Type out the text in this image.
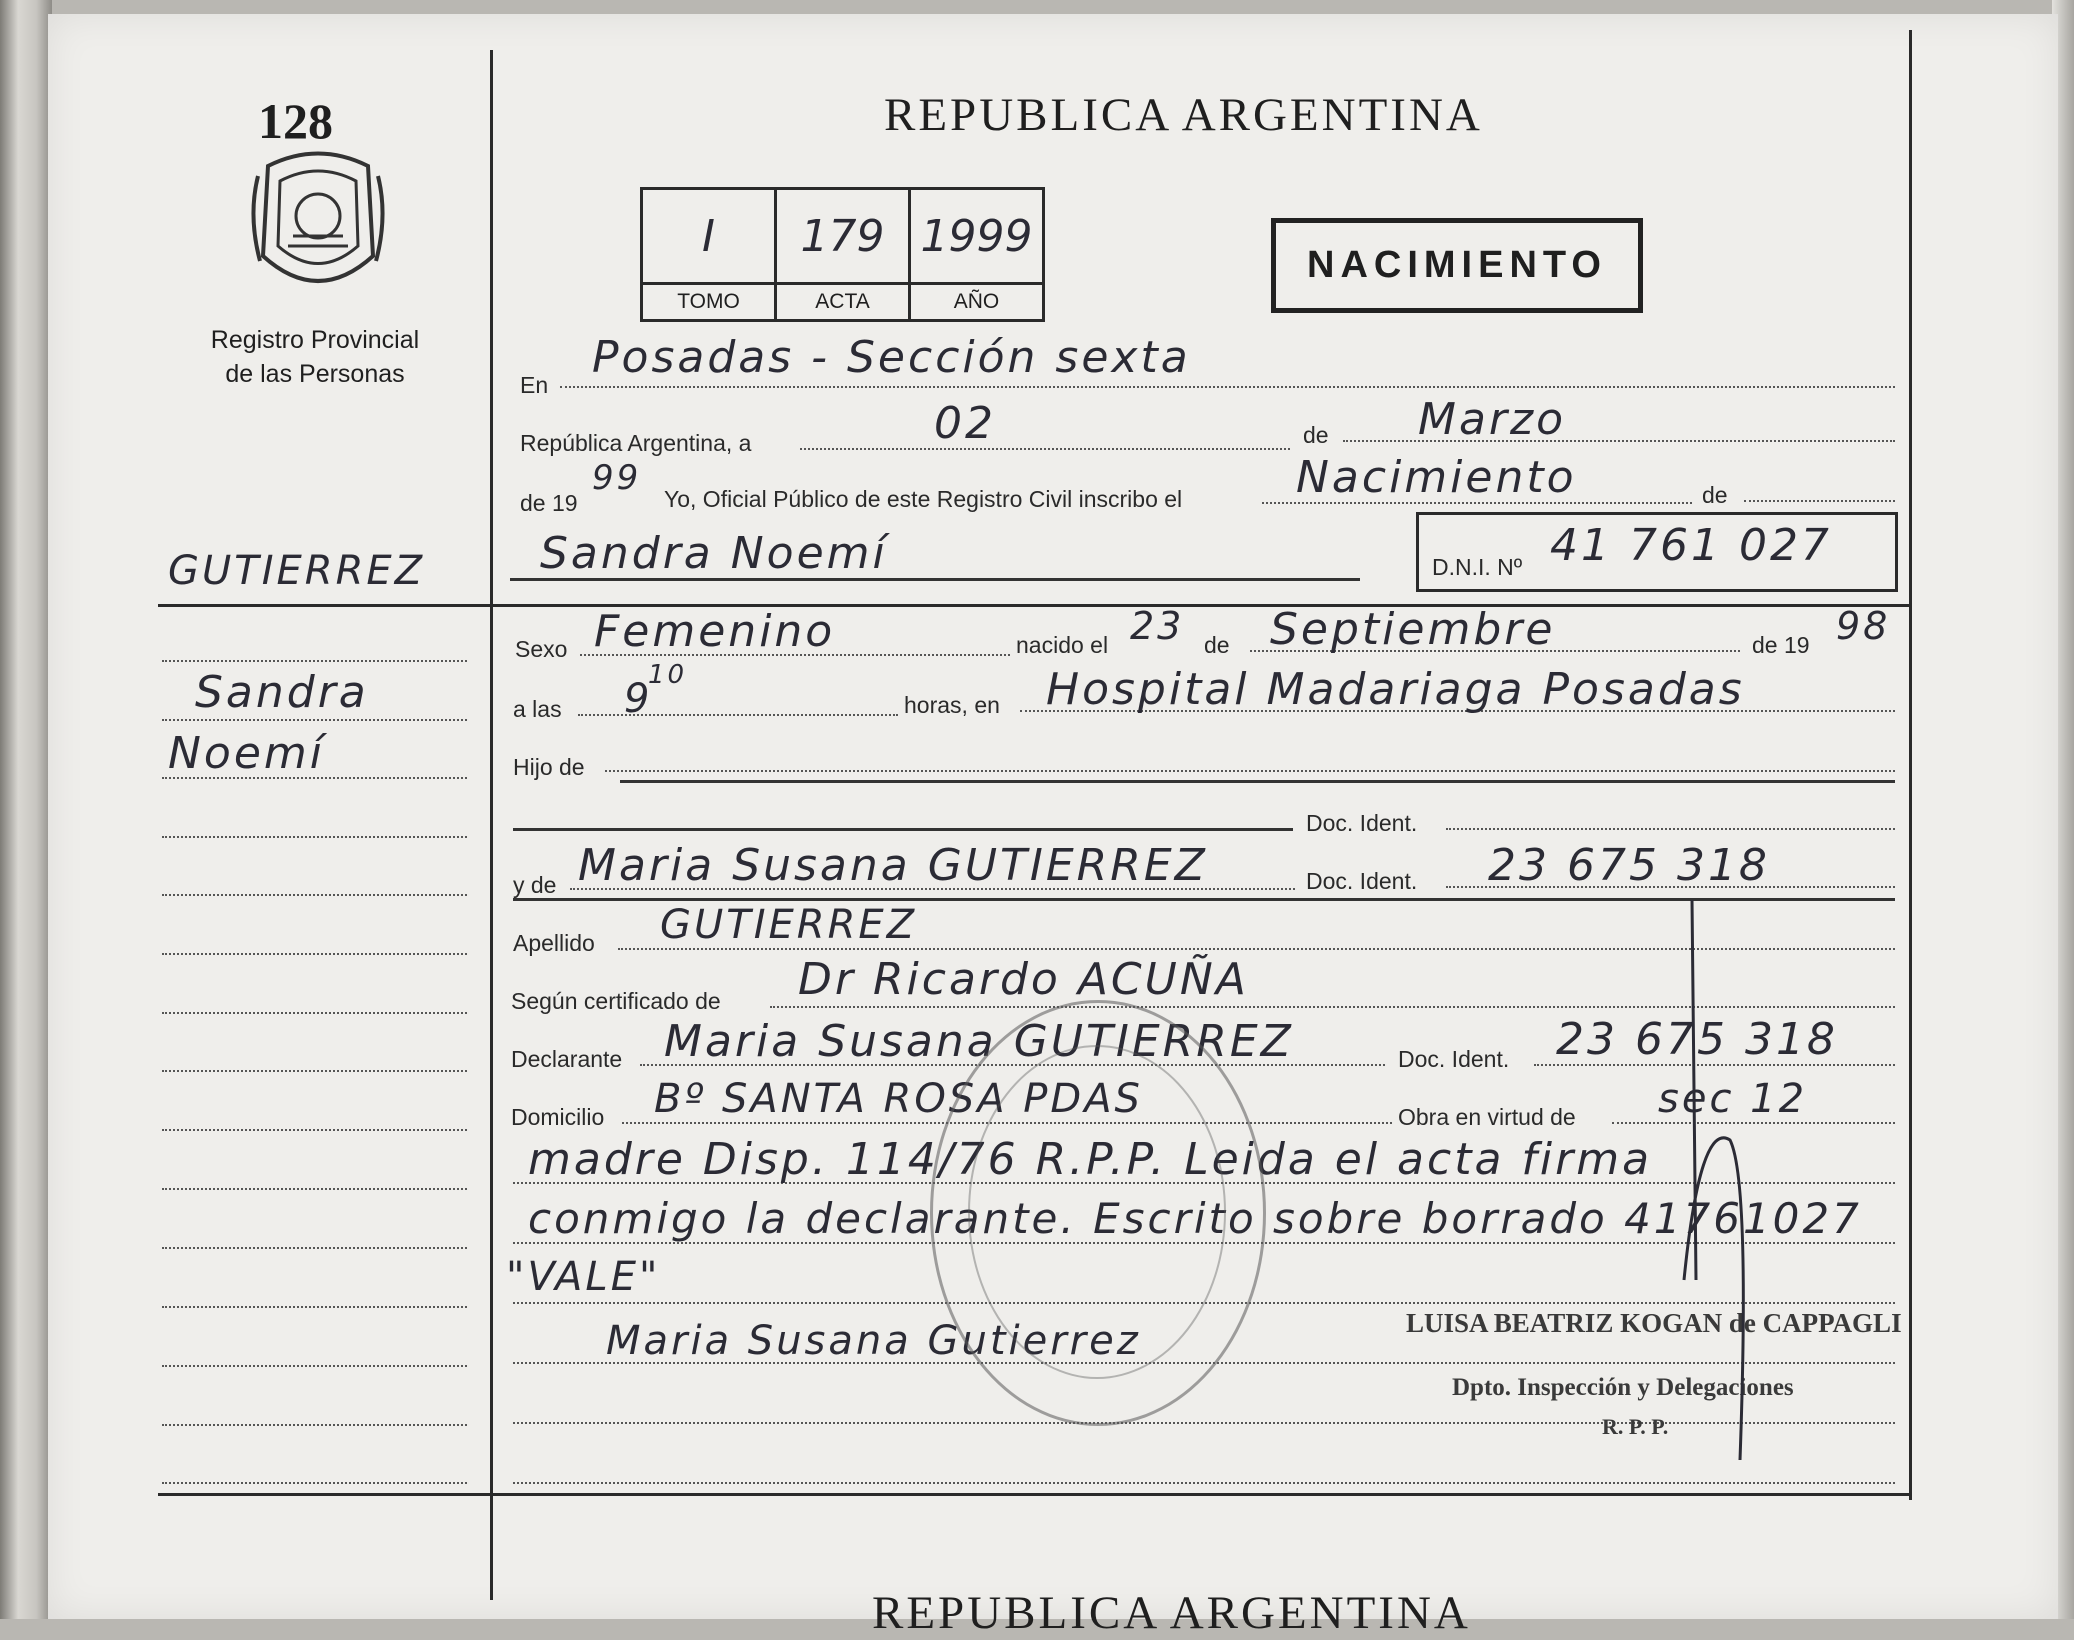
128
Registro Provincial
de las Personas
REPUBLICA ARGENTINA
I	179	1999
TOMO	ACTA	AÑO
NACIMIENTO
GUTIERREZ
Sandra
Noemí
En
Posadas - Sección sexta
República Argentina, a	02	de Marzo
de 19
99
Yo, Oficial Público de este Registro Civil inscribo el	Nacimiento	de
Sandra Noemí	D.N.I. Nº 41 761 027
Sexo Femenino	nacido el 23 de Septiembre	de 19 98
a las 9
10
horas, en Hospital Madariaga Posadas
Hijo de
Doc. Ident.
y de Maria Susana GUTIERREZ	Doc. Ident. 23 675 318
Apellido GUTIERREZ
Según certificado de Dr Ricardo ACUÑA
Declarante Maria Susana GUTIERREZ	Doc. Ident. 23 675 318
Domicilio Bº SANTA ROSA PDAS	Obra en virtud de sec 12
madre Disp. 114/76 R.P.P. Leida el acta firma
conmigo la declarante. Escrito sobre borrado 41761027
"VALE"
Maria Susana Gutierrez	LUISA BEATRIZ KOGAN de CAPPAGLI
Dpto. Inspección y Delegaciones
R. P. P.
REPUBLICA ARGENTINA
